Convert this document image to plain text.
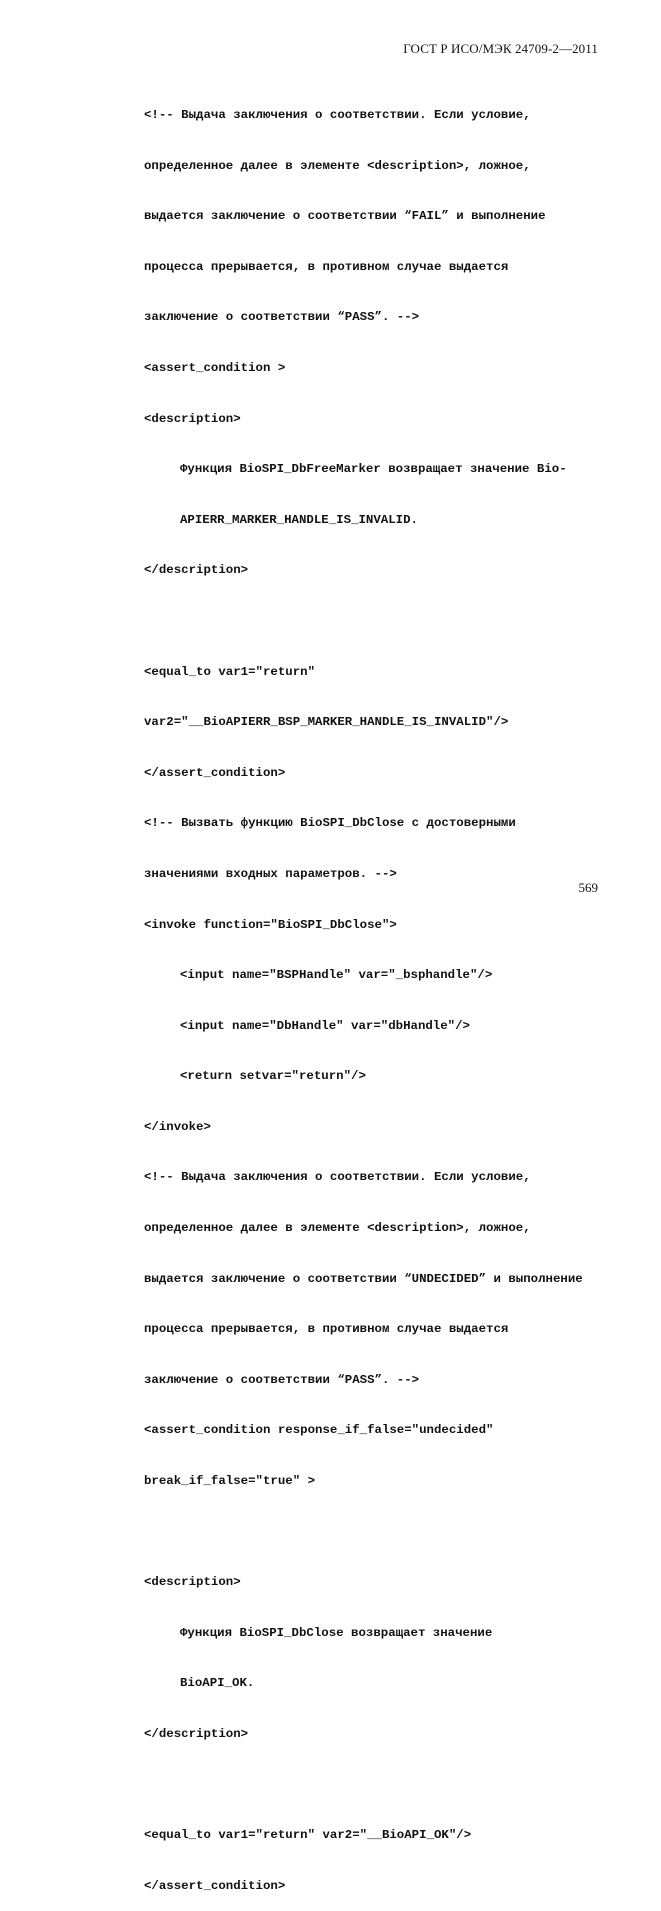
ГОСТ Р ИСО/МЭК 24709-2—2011

<!-- Выдача заключения о соответствии. Если условие,

определенное далее в элементе <description>, ложное,

выдается заключение о соответствии “FAIL” и выполнение

процесса прерывается, в противном случае выдается

заключение о соответствии “PASS”. -->

<assert_condition >

<description>

Функция BioSPI_DbFreeMarker возвращает значение Bio-

APIERR_MARKER_HANDLE_IS_INVALID.

</description>

<equal_to var1="return"

var2="__BioAPIERR_BSP_MARKER_HANDLE_IS_INVALID"/>

</assert_condition>

<!-- Вызвать функцию BioSPI_DbClose с достоверными

значениями входных параметров. -->

<invoke function="BioSPI_DbClose">

<input name="BSPHandle" var="_bsphandle"/>

<input name="DbHandle" var="dbHandle"/>

<return setvar="return"/>

</invoke>

<!-- Выдача заключения о соответствии. Если условие,

определенное далее в элементе <description>, ложное,

выдается заключение о соответствии “UNDECIDED” и выполнение

процесса прерывается, в противном случае выдается

заключение о соответствии “PASS”. -->

<assert_condition response_if_false="undecided"

break_if_false="true" >

<description>

Функция BioSPI_DbClose возвращает значение

BioAPI_OK.

</description>

<equal_to var1="return" var2="__BioAPI_OK"/>

</assert_condition>

569
